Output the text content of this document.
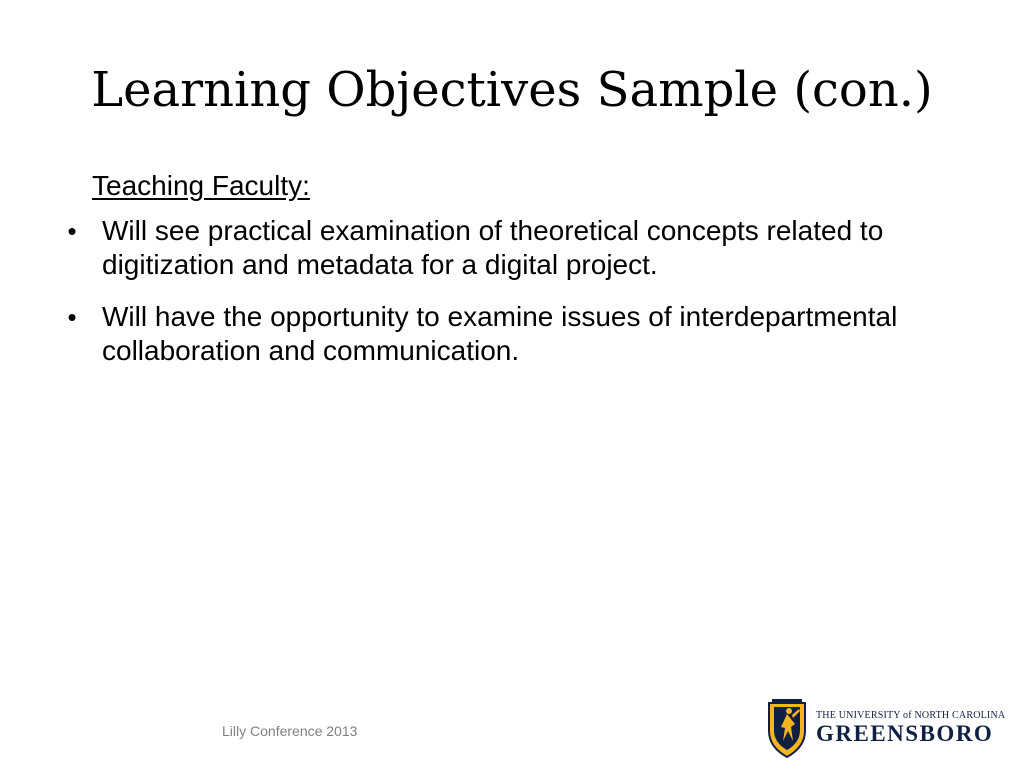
Learning Objectives Sample (con.)
Teaching Faculty:
• Will see practical examination of theoretical concepts related to digitization and metadata for a digital project.
• Will have the opportunity to examine issues of interdepartmental collaboration and communication.
Lilly Conference 2013
THE UNIVERSITY of NORTH CAROLINA
GREENSBORO
